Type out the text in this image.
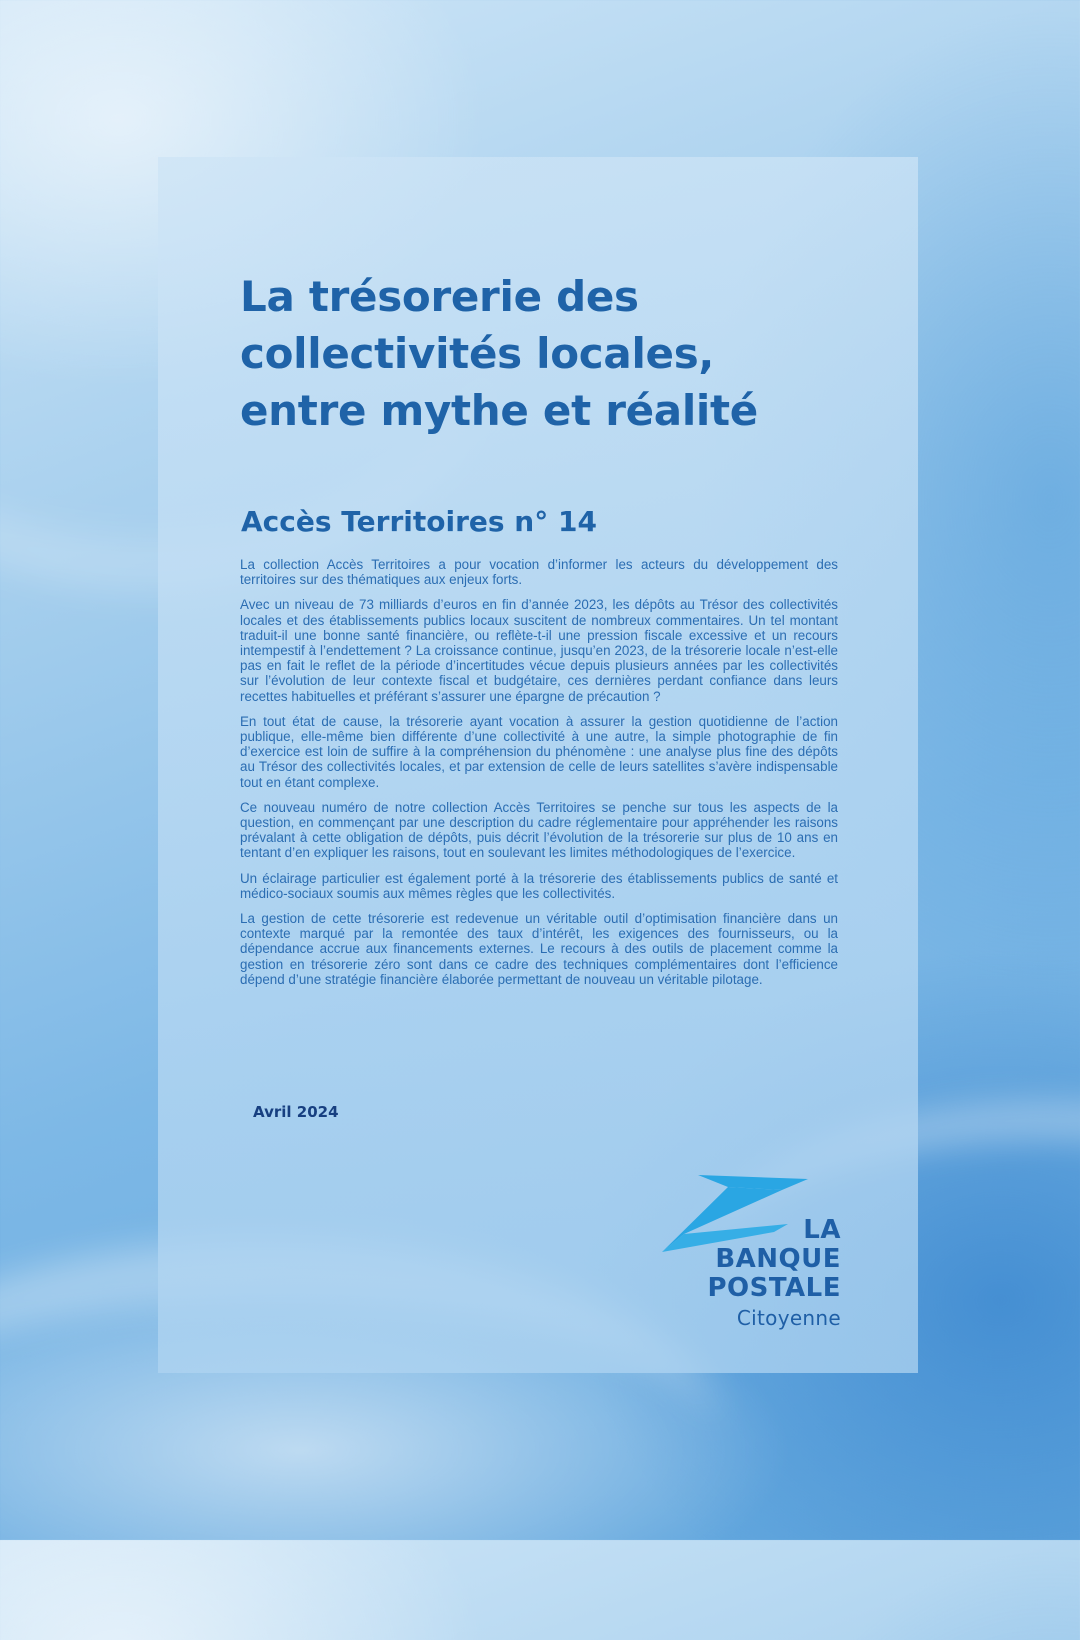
La trésorerie des
collectivités locales,
entre mythe et réalité
Accès Territoires n° 14

La collection Accès Territoires a pour vocation d’informer les acteurs du développement des territoires sur des thématiques aux enjeux forts.

Avec un niveau de 73 milliards d’euros en fin d’année 2023, les dépôts au Trésor des collectivités locales et des établissements publics locaux suscitent de nombreux commentaires. Un tel montant traduit-il une bonne santé financière, ou reflète-t-il une pression fiscale excessive et un recours intempestif à l’endettement ? La croissance continue, jusqu’en 2023, de la trésorerie locale n’est-elle pas en fait le reflet de la période d’incertitudes vécue depuis plusieurs années par les collectivités sur l’évolution de leur contexte fiscal et budgétaire, ces dernières perdant confiance dans leurs recettes habituelles et préférant s’assurer une épargne de précaution ?

En tout état de cause, la trésorerie ayant vocation à assurer la gestion quotidienne de l’action publique, elle-même bien différente d’une collectivité à une autre, la simple photographie de fin d’exercice est loin de suffire à la compréhension du phénomène : une analyse plus fine des dépôts au Trésor des collectivités locales, et par extension de celle de leurs satellites s’avère indispensable tout en étant complexe.

Ce nouveau numéro de notre collection Accès Territoires se penche sur tous les aspects de la question, en commençant par une description du cadre réglementaire pour appréhender les raisons prévalant à cette obligation de dépôts, puis décrit l’évolution de la trésorerie sur plus de 10 ans en tentant d’en expliquer les raisons, tout en soulevant les limites méthodologiques de l’exercice.

Un éclairage particulier est également porté à la trésorerie des établissements publics de santé et médico-sociaux soumis aux mêmes règles que les collectivités.

La gestion de cette trésorerie est redevenue un véritable outil d’optimisation financière dans un contexte marqué par la remontée des taux d’intérêt, les exigences des fournisseurs, ou la dépendance accrue aux financements externes. Le recours à des outils de placement comme la gestion en trésorerie zéro sont dans ce cadre des techniques complémentaires dont l’efficience dépend d’une stratégie financière élaborée permettant de nouveau un véritable pilotage.

Avril 2024
LA
BANQUE
POSTALE
Citoyenne
